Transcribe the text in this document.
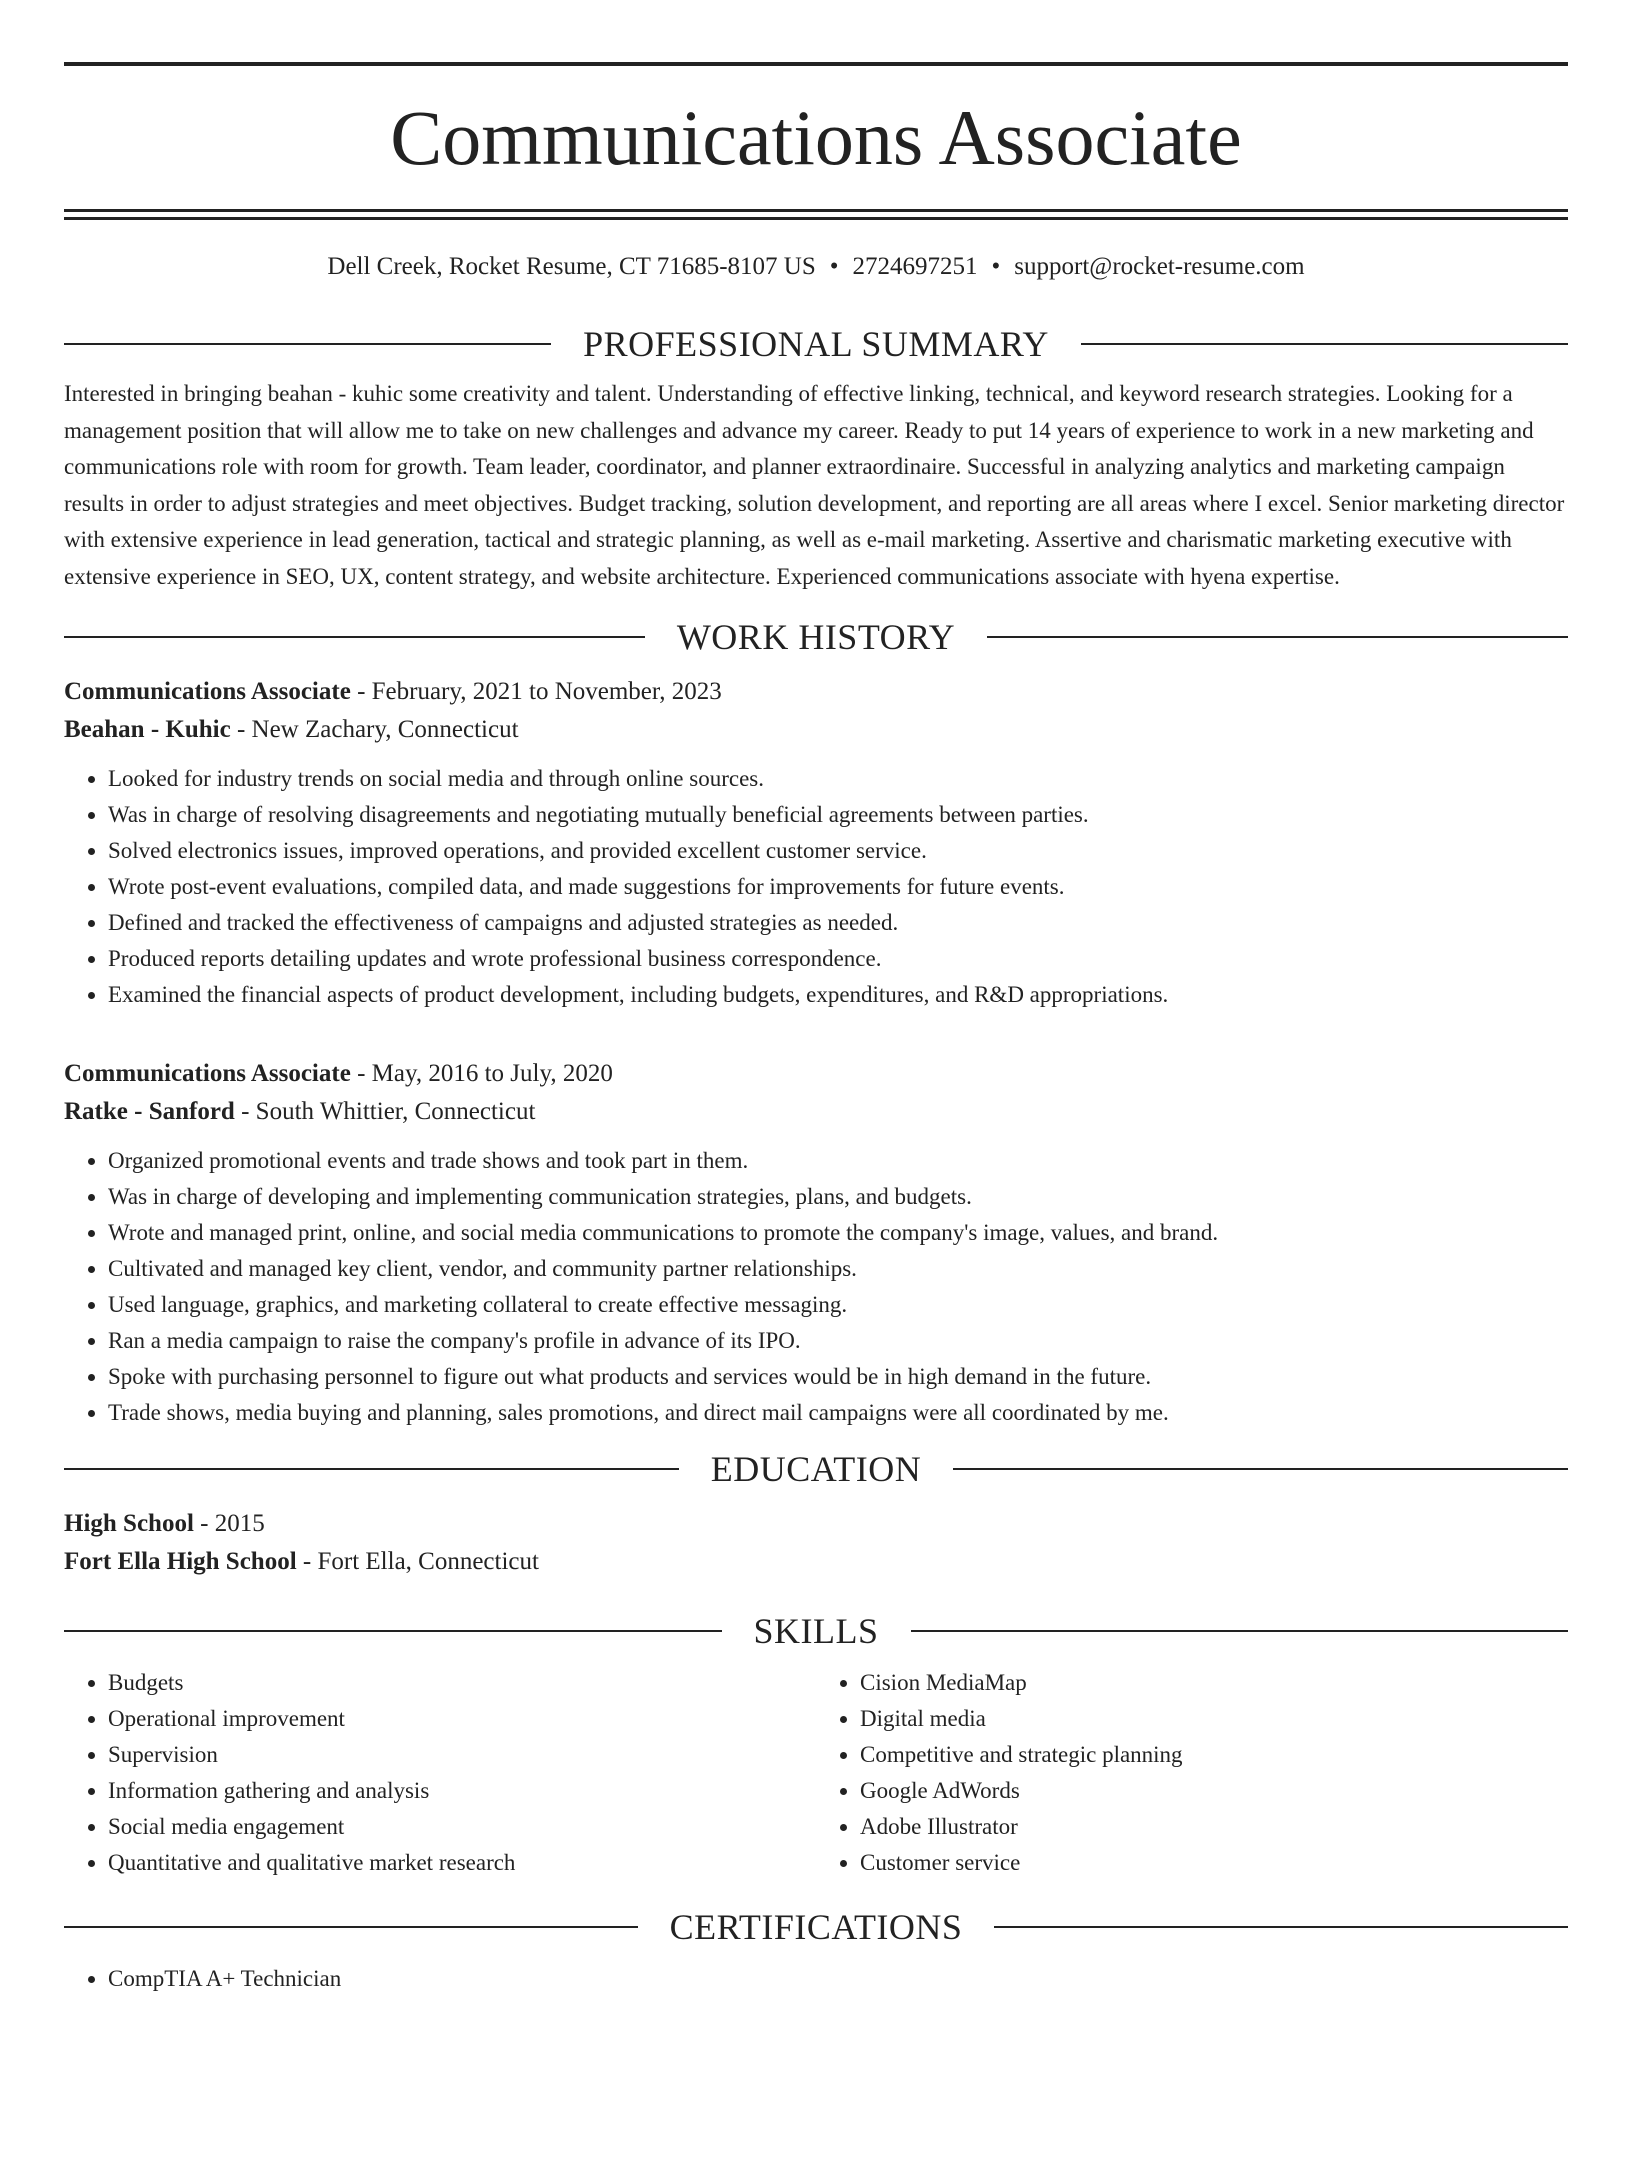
Communications Associate
Dell Creek, Rocket Resume, CT 71685-8107 US • 2724697251 • support@rocket-resume.com
PROFESSIONAL SUMMARY

Interested in bringing beahan - kuhic some creativity and talent. Understanding of effective linking, technical, and keyword research strategies. Looking for a management position that will allow me to take on new challenges and advance my career. Ready to put 14 years of experience to work in a new marketing and communications role with room for growth. Team leader, coordinator, and planner extraordinaire. Successful in analyzing analytics and marketing campaign results in order to adjust strategies and meet objectives. Budget tracking, solution development, and reporting are all areas where I excel. Senior marketing director with extensive experience in lead generation, tactical and strategic planning, as well as e-mail marketing. Assertive and charismatic marketing executive with extensive experience in SEO, UX, content strategy, and website architecture. Experienced communications associate with hyena expertise.

WORK HISTORY
Communications Associate - February, 2021 to November, 2023
Beahan - Kuhic - New Zachary, Connecticut
• Looked for industry trends on social media and through online sources.
• Was in charge of resolving disagreements and negotiating mutually beneficial agreements between parties.
• Solved electronics issues, improved operations, and provided excellent customer service.
• Wrote post-event evaluations, compiled data, and made suggestions for improvements for future events.
• Defined and tracked the effectiveness of campaigns and adjusted strategies as needed.
• Produced reports detailing updates and wrote professional business correspondence.
• Examined the financial aspects of product development, including budgets, expenditures, and R&D appropriations.
Communications Associate - May, 2016 to July, 2020
Ratke - Sanford - South Whittier, Connecticut
• Organized promotional events and trade shows and took part in them.
• Was in charge of developing and implementing communication strategies, plans, and budgets.
• Wrote and managed print, online, and social media communications to promote the company's image, values, and brand.
• Cultivated and managed key client, vendor, and community partner relationships.
• Used language, graphics, and marketing collateral to create effective messaging.
• Ran a media campaign to raise the company's profile in advance of its IPO.
• Spoke with purchasing personnel to figure out what products and services would be in high demand in the future.
• Trade shows, media buying and planning, sales promotions, and direct mail campaigns were all coordinated by me.
EDUCATION
High School - 2015
Fort Ella High School - Fort Ella, Connecticut
SKILLS
• Budgets
• Operational improvement
• Supervision
• Information gathering and analysis
• Social media engagement
• Quantitative and qualitative market research
• Cision MediaMap
• Digital media
• Competitive and strategic planning
• Google AdWords
• Adobe Illustrator
• Customer service
CERTIFICATIONS
• CompTIA A+ Technician
